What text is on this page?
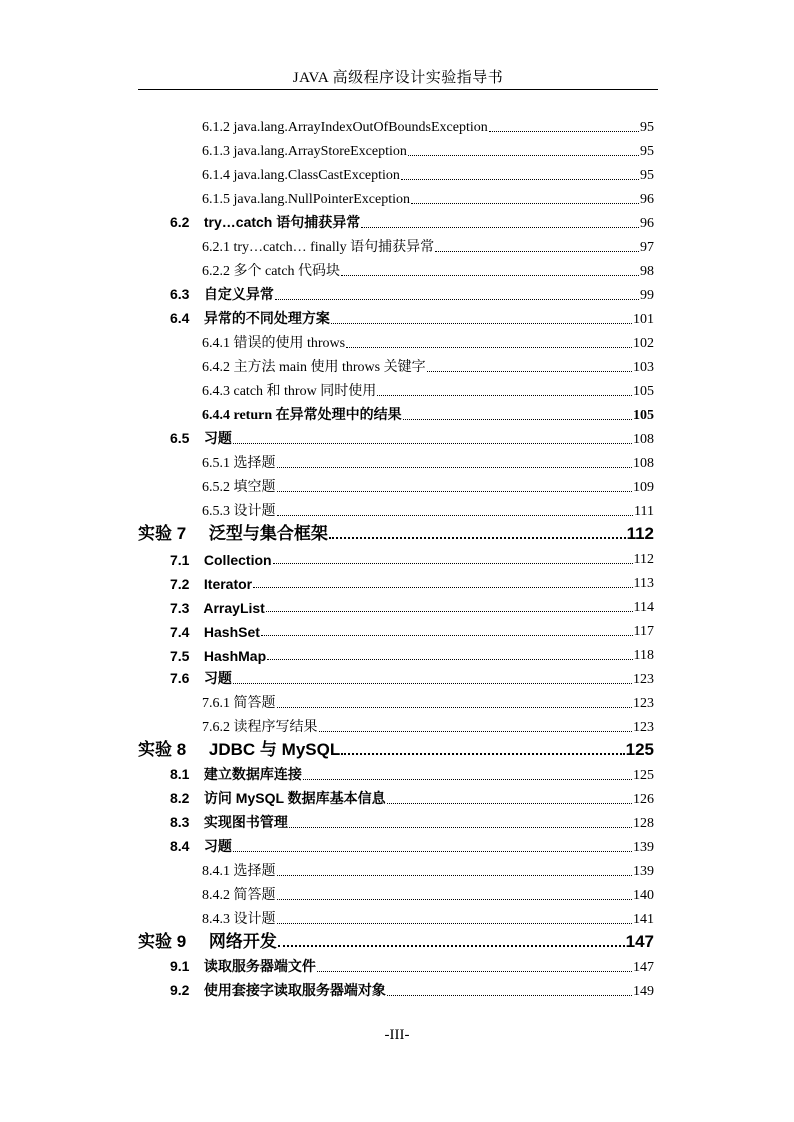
JAVA 高级程序设计实验指导书
6.1.2 java.lang.ArrayIndexOutOfBoundsException	95
6.1.3 java.lang.ArrayStoreException	95
6.1.4 java.lang.ClassCastException	95
6.1.5 java.lang.NullPointerException	96
6.2 try…catch 语句捕获异常	96
6.2.1 try…catch… finally 语句捕获异常	97
6.2.2 多个 catch 代码块	98
6.3 自定义异常	99
6.4 异常的不同处理方案	101
6.4.1 错误的使用 throws	102
6.4.2 主方法 main 使用 throws 关键字	103
6.4.3 catch 和 throw 同时使用	105
6.4.4 return 在异常处理中的结果	105
6.5 习题	108
6.5.1 选择题	108
6.5.2 填空题	109
6.5.3 设计题	111
实验 7 泛型与集合框架	112
7.1 Collection	112
7.2 Iterator	113
7.3 ArrayList	114
7.4 HashSet	117
7.5 HashMap	118
7.6 习题	123
7.6.1 简答题	123
7.6.2 读程序写结果	123
实验 8 JDBC 与 MySQL	125
8.1 建立数据库连接	125
8.2 访问 MySQL 数据库基本信息	126
8.3 实现图书管理	128
8.4 习题	139
8.4.1 选择题	139
8.4.2 简答题	140
8.4.3 设计题	141
实验 9 网络开发	147
9.1 读取服务器端文件	147
9.2 使用套接字读取服务器端对象	149
-III-
